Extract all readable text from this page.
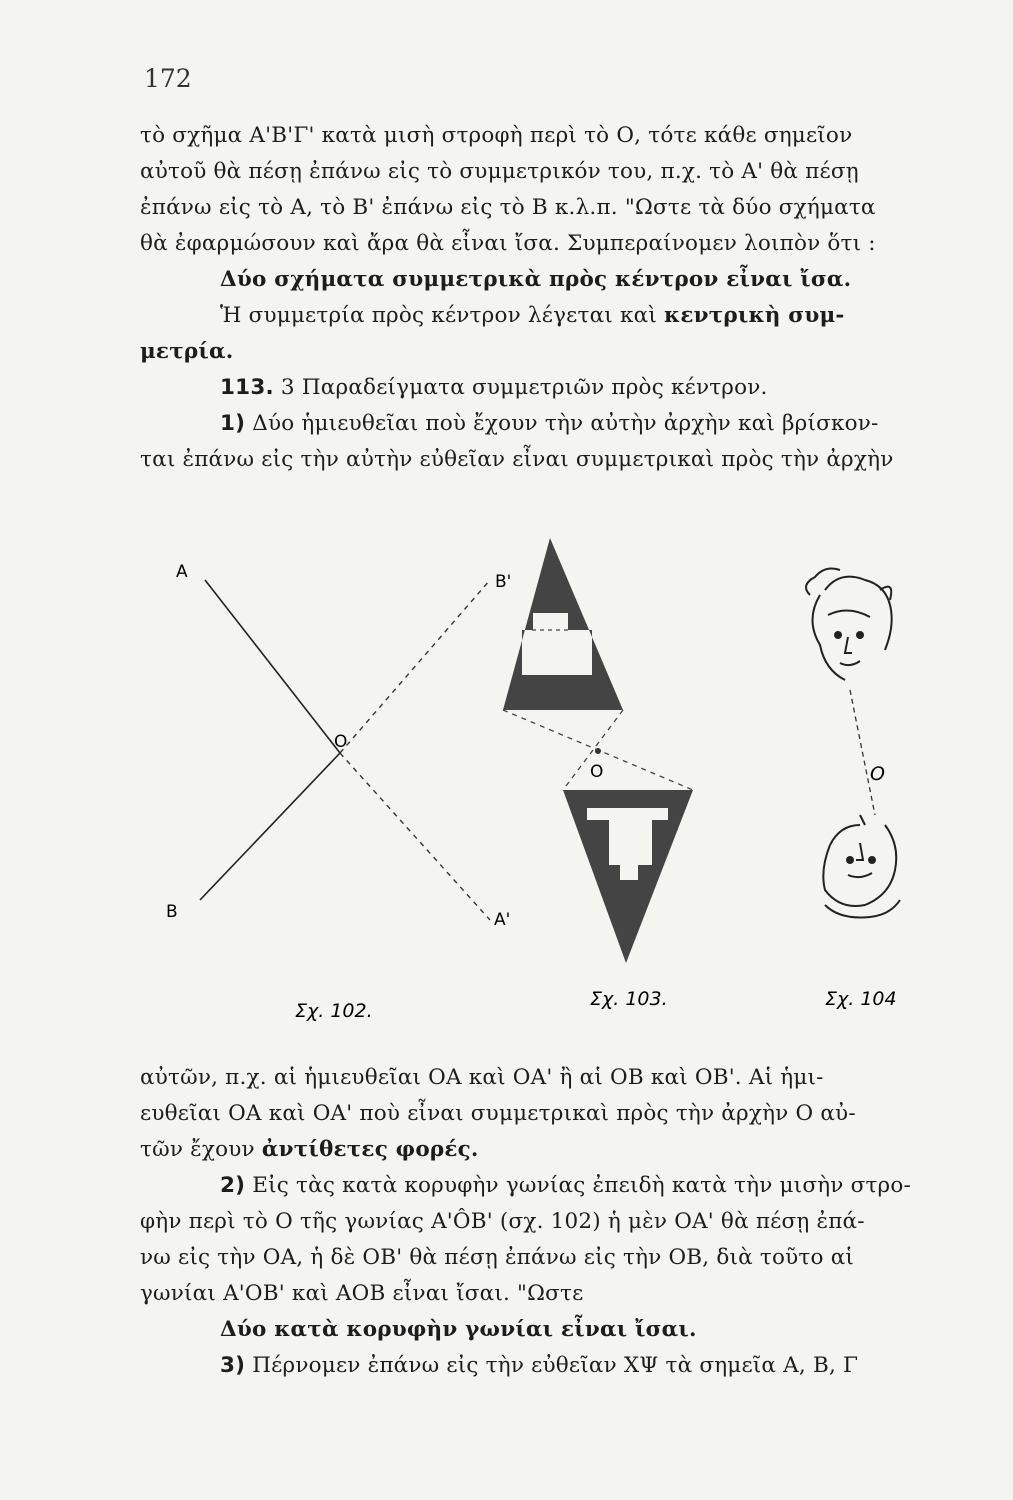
172
τὸ σχῆμα Α'Β'Γ' κατὰ μισὴ στροφὴ περὶ τὸ Ο, τότε κάθε σημεῖον
αὐτοῦ θὰ πέσῃ ἐπάνω εἰς τὸ συμμετρικόν του, π.χ. τὸ Α' θὰ πέσῃ
ἐπάνω εἰς τὸ Α, τὸ Β' ἐπάνω εἰς τὸ Β κ.λ.π. "Ωστε τὰ δύο σχήματα
θὰ ἐφαρμώσουν καὶ ἄρα θὰ εἶναι ἴσα. Συμπεραίνομεν λοιπὸν ὅτι :
Δύο σχήματα συμμετρικὰ πρὸς κέντρον εἶναι ἴσα.
Ἡ συμμετρία πρὸς κέντρον λέγεται καὶ κεντρικὴ συμ-
μετρία.
113. 3 Παραδείγματα συμμετριῶν πρὸς κέντρον.
1) Δύο ἡμιευθεῖαι ποὺ ἔχουν τὴν αὐτὴν ἀρχὴν καὶ βρίσκον-
ται ἐπάνω εἰς τὴν αὐτὴν εὐθεῖαν εἶναι συμμετρικαὶ πρὸς τὴν ἀρχὴν
A
B	A'
B'
O
Σχ. 102.
O
Σχ. 103.
O
Σχ. 104
αὐτῶν, π.χ. αἱ ἡμιευθεῖαι ΟΑ καὶ ΟΑ' ἢ αἱ ΟΒ καὶ ΟΒ'. Αἱ ἡμι-
ευθεῖαι ΟΑ καὶ ΟΑ' ποὺ εἶναι συμμετρικαὶ πρὸς τὴν ἀρχὴν Ο αὐ-
τῶν ἔχουν ἀντίθετες φορές.
2) Εἰς τὰς κατὰ κορυφὴν γωνίας ἐπειδὴ κατὰ τὴν μισὴν στρο-
φὴν περὶ τὸ Ο τῆς γωνίας Α'ÔΒ' (σχ. 102) ἡ μὲν ΟΑ' θὰ πέσῃ ἐπά-
νω εἰς τὴν ΟΑ, ἡ δὲ ΟΒ' θὰ πέσῃ ἐπάνω εἰς τὴν ΟΒ, διὰ τοῦτο αἱ
γωνίαι Α'ΟΒ' καὶ ΑΟΒ εἶναι ἴσαι. "Ωστε
Δύο κατὰ κορυφὴν γωνίαι εἶναι ἴσαι.
3) Πέρνομεν ἐπάνω εἰς τὴν εὐθεῖαν ΧΨ τὰ σημεῖα Α, Β, Γ
